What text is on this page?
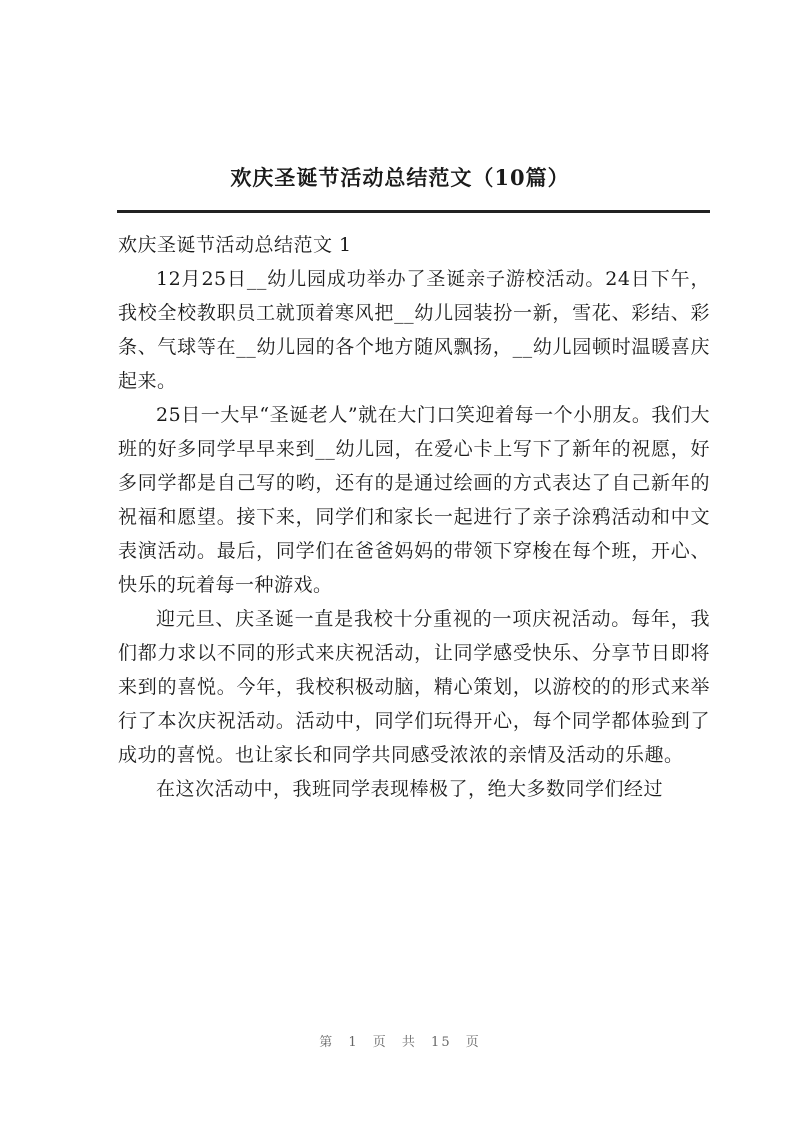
欢庆圣诞节活动总结范文（10篇）

欢庆圣诞节活动总结范文 1

12月25日__幼儿园成功举办了圣诞亲子游校活动。24日下午，我校全校教职员工就顶着寒风把__幼儿园装扮一新，雪花、彩结、彩条、气球等在__幼儿园的各个地方随风飘扬，__幼儿园顿时温暖喜庆起来。

25日一大早“圣诞老人”就在大门口笑迎着每一个小朋友。我们大班的好多同学早早来到__幼儿园，在爱心卡上写下了新年的祝愿，好多同学都是自己写的哟，还有的是通过绘画的方式表达了自己新年的祝福和愿望。接下来，同学们和家长一起进行了亲子涂鸦活动和中文表演活动。最后，同学们在爸爸妈妈的带领下穿梭在每个班，开心、快乐的玩着每一种游戏。

迎元旦、庆圣诞一直是我校十分重视的一项庆祝活动。每年，我们都力求以不同的形式来庆祝活动，让同学感受快乐、分享节日即将来到的喜悦。今年，我校积极动脑，精心策划，以游校的的形式来举行了本次庆祝活动。活动中，同学们玩得开心，每个同学都体验到了成功的喜悦。也让家长和同学共同感受浓浓的亲情及活动的乐趣。

在这次活动中，我班同学表现棒极了，绝大多数同学们经过

第 1 页 共 15 页
